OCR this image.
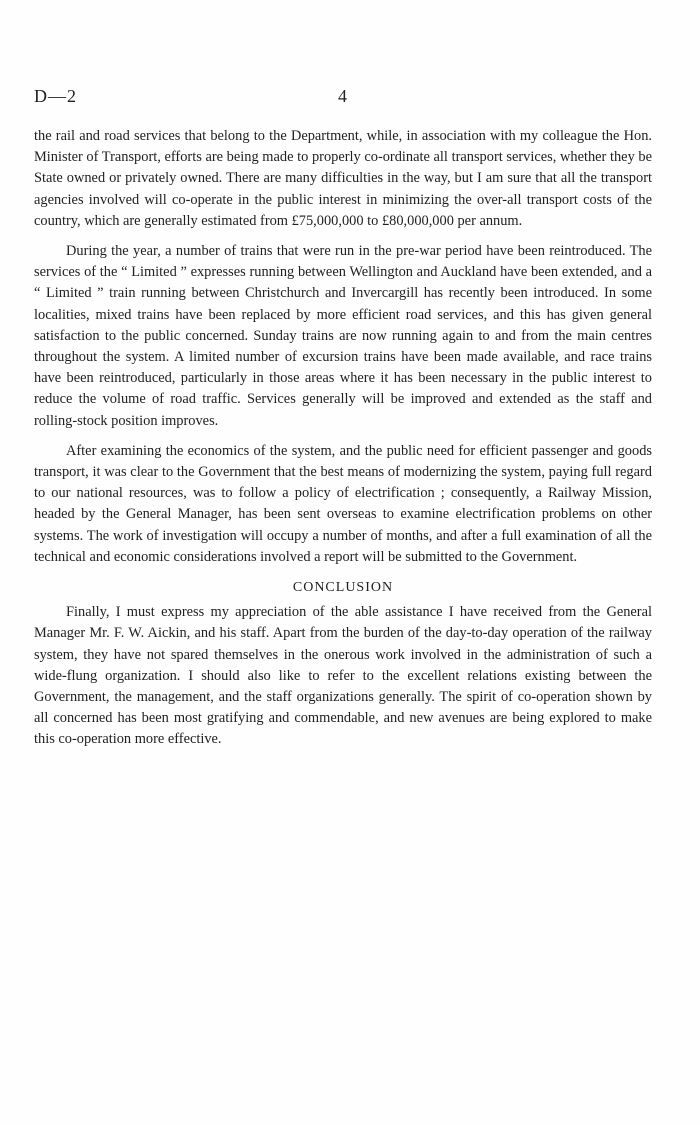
D—2	4

the rail and road services that belong to the Department, while, in association with my colleague the Hon. Minister of Transport, efforts are being made to properly co-ordinate all transport services, whether they be State owned or privately owned. There are many difficulties in the way, but I am sure that all the transport agencies involved will co-operate in the public interest in minimizing the over-all transport costs of the country, which are generally estimated from £75,000,000 to £80,000,000 per annum.

During the year, a number of trains that were run in the pre-war period have been reintroduced. The services of the “ Limited ” expresses running between Wellington and Auckland have been extended, and a “ Limited ” train running between Christchurch and Invercargill has recently been introduced. In some localities, mixed trains have been replaced by more efficient road services, and this has given general satisfaction to the public concerned. Sunday trains are now running again to and from the main centres throughout the system. A limited number of excursion trains have been made available, and race trains have been reintroduced, particularly in those areas where it has been necessary in the public interest to reduce the volume of road traffic. Services generally will be improved and extended as the staff and rolling-stock position improves.

After examining the economics of the system, and the public need for efficient passenger and goods transport, it was clear to the Government that the best means of modernizing the system, paying full regard to our national resources, was to follow a policy of electrification ; consequently, a Railway Mission, headed by the General Manager, has been sent overseas to examine electrification problems on other systems. The work of investigation will occupy a number of months, and after a full examination of all the technical and economic considerations involved a report will be submitted to the Government.

CONCLUSION

Finally, I must express my appreciation of the able assistance I have received from the General Manager Mr. F. W. Aickin, and his staff. Apart from the burden of the day-to-day operation of the railway system, they have not spared themselves in the onerous work involved in the administration of such a wide-flung organization. I should also like to refer to the excellent relations existing between the Government, the management, and the staff organizations generally. The spirit of co-operation shown by all concerned has been most gratifying and commendable, and new avenues are being explored to make this co-operation more effective.
